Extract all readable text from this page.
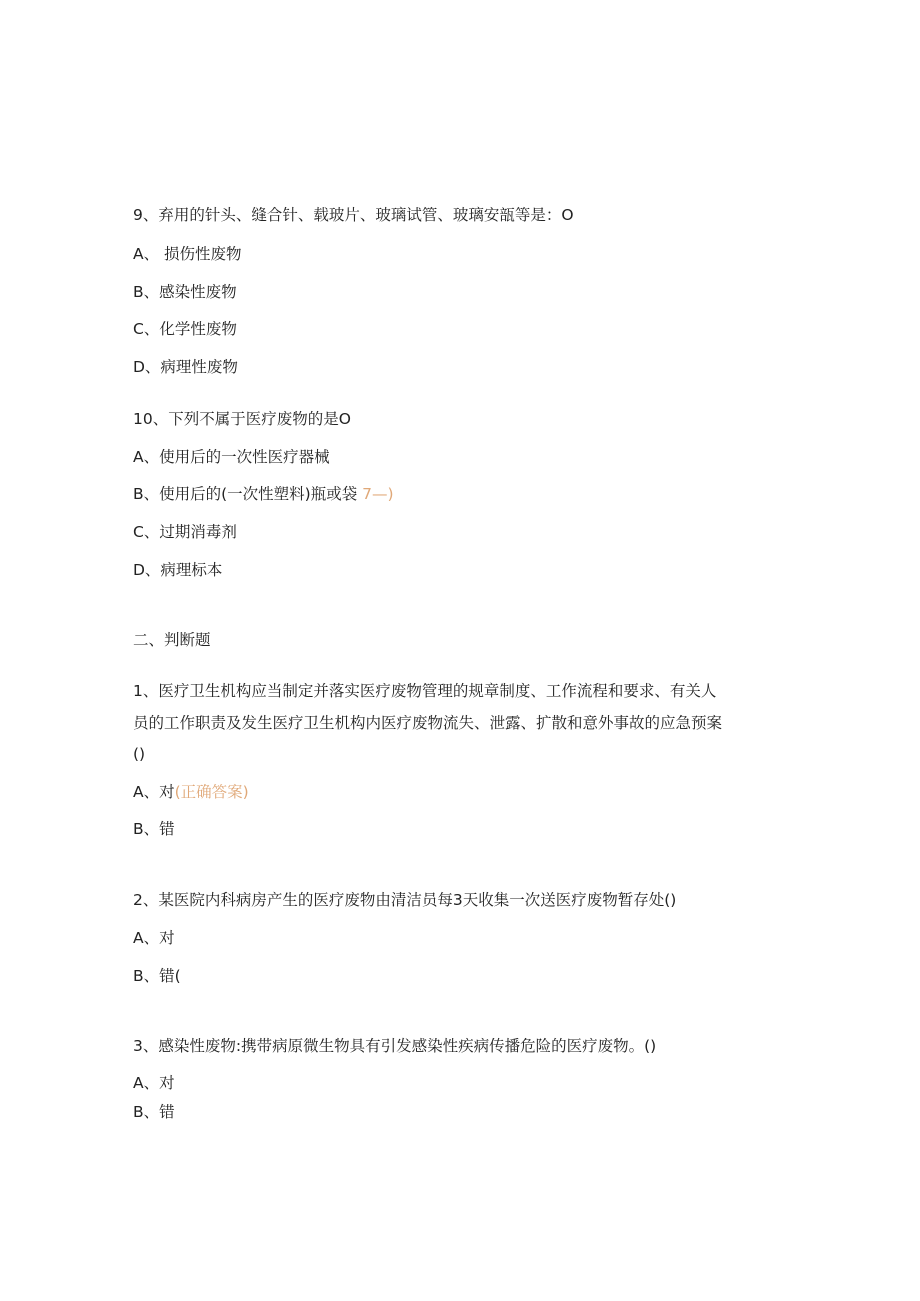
9、弃用的针头、缝合针、载玻片、玻璃试管、玻璃安瓿等是：O
A、 损伤性废物
B、感染性废物
C、化学性废物
D、病理性废物
10、下列不属于医疗废物的是O
A、使用后的一次性医疗器械
B、使用后的(一次性塑料)瓶或袋 7—)
C、过期消毒剂
D、病理标本
二、判断题
1、医疗卫生机构应当制定并落实医疗废物管理的规章制度、工作流程和要求、有关人
员的工作职责及发生医疗卫生机构内医疗废物流失、泄露、扩散和意外事故的应急预案
()
A、对(正确答案)
B、错
2、某医院内科病房产生的医疗废物由清洁员每3天收集一次送医疗废物暂存处()
A、对
B、错(
3、感染性废物:携带病原微生物具有引发感染性疾病传播危险的医疗废物。()
A、对
B、错
